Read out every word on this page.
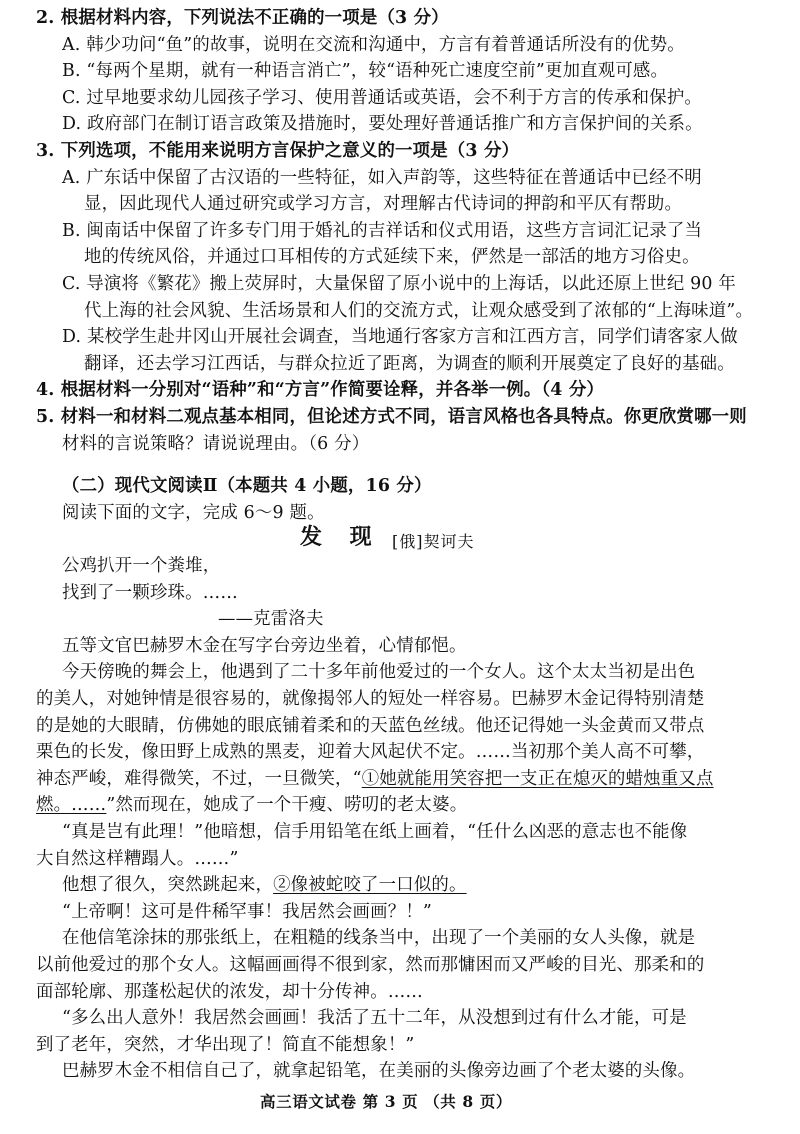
2. 根据材料内容，下列说法不正确的一项是（3 分）
A. 韩少功问“鱼”的故事，说明在交流和沟通中，方言有着普通话所没有的优势。
B. “每两个星期，就有一种语言消亡”，较“语种死亡速度空前”更加直观可感。
C. 过早地要求幼儿园孩子学习、使用普通话或英语，会不利于方言的传承和保护。
D. 政府部门在制订语言政策及措施时，要处理好普通话推广和方言保护间的关系。
3. 下列选项，不能用来说明方言保护之意义的一项是（3 分）
A. 广东话中保留了古汉语的一些特征，如入声韵等，这些特征在普通话中已经不明
显，因此现代人通过研究或学习方言，对理解古代诗词的押韵和平仄有帮助。
B. 闽南话中保留了许多专门用于婚礼的吉祥话和仪式用语，这些方言词汇记录了当
地的传统风俗，并通过口耳相传的方式延续下来，俨然是一部活的地方习俗史。
C. 导演将《繁花》搬上荧屏时，大量保留了原小说中的上海话，以此还原上世纪 90 年
代上海的社会风貌、生活场景和人们的交流方式，让观众感受到了浓郁的“上海味道”。
D. 某校学生赴井冈山开展社会调查，当地通行客家方言和江西方言，同学们请客家人做
翻译，还去学习江西话，与群众拉近了距离，为调查的顺利开展奠定了良好的基础。
4. 根据材料一分别对“语种”和“方言”作简要诠释，并各举一例。（4 分）
5. 材料一和材料二观点基本相同，但论述方式不同，语言风格也各具特点。你更欣赏哪一则
材料的言说策略？请说说理由。（6 分）
（二）现代文阅读Ⅱ（本题共 4 小题，16 分）
阅读下面的文字，完成 6～9 题。
发 现 [俄]契诃夫
公鸡扒开一个粪堆，
找到了一颗珍珠。……
——克雷洛夫
五等文官巴赫罗木金在写字台旁边坐着，心情郁悒。
今天傍晚的舞会上，他遇到了二十多年前他爱过的一个女人。这个太太当初是出色
的美人，对她钟情是很容易的，就像揭邻人的短处一样容易。巴赫罗木金记得特别清楚
的是她的大眼睛，仿佛她的眼底铺着柔和的天蓝色丝绒。他还记得她一头金黄而又带点
栗色的长发，像田野上成熟的黑麦，迎着大风起伏不定。……当初那个美人高不可攀，
神态严峻，难得微笑，不过，一旦微笑，“①她就能用笑容把一支正在熄灭的蜡烛重又点
燃。……”然而现在，她成了一个干瘦、唠叨的老太婆。
“真是岂有此理！”他暗想，信手用铅笔在纸上画着，“任什么凶恶的意志也不能像
大自然这样糟蹋人。……”
他想了很久，突然跳起来，②像被蛇咬了一口似的。
“上帝啊！这可是件稀罕事！我居然会画画？！”
在他信笔涂抹的那张纸上，在粗糙的线条当中，出现了一个美丽的女人头像，就是
以前他爱过的那个女人。这幅画画得不很到家，然而那慵困而又严峻的目光、那柔和的
面部轮廓、那蓬松起伏的浓发，却十分传神。……
“多么出人意外！我居然会画画！我活了五十二年，从没想到过有什么才能，可是
到了老年，突然，才华出现了！简直不能想象！”
巴赫罗木金不相信自己了，就拿起铅笔，在美丽的头像旁边画了个老太婆的头像。
高三语文试卷 第 3 页 （共 8 页）
